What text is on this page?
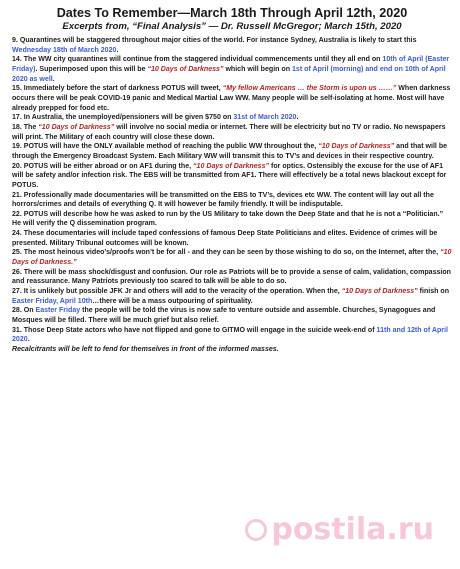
Dates To Remember—March 18th Through April 12th, 2020
Excerpts from, “Final Analysis” — Dr. Russell McGregor; March 15th, 2020

9. Quarantines will be staggered throughout major cities of the world. For instance Sydney, Australia is likely to start this Wednesday 18th of March 2020.

14. The WW city quarantines will continue from the staggered individual commencements until they all end on 10th of April (Easter Friday). Superimposed upon this will be “10 Days of Darkness” which will begin on 1st of April (morning) and end on 10th of April 2020 as well.

15. Immediately before the start of darkness POTUS will tweet, “My fellow Americans … the Storm is upon us ……” When darkness occurs there will be peak COVID-19 panic and Medical Martial Law WW. Many people will be self-isolating at home. Most will have already prepped for food etc.

17. In Australia, the unemployed/pensioners will be given $750 on 31st of March 2020.

18. The “10 Days of Darkness” will involve no social media or internet. There will be electricity but no TV or radio. No newspapers will print. The Military of each country will close these down.

19. POTUS will have the ONLY available method of reaching the public WW throughout the, “10 Days of Darkness” and that will be through the Emergency Broadcast System. Each Military WW will transmit this to TV’s and devices in their respective country.

20. POTUS will be either abroad or on AF1 during the, “10 Days of Darkness” for optics. Ostensibly the excuse for the use of AF1 will be safety and/or infection risk. The EBS will be transmitted from AF1. There will effectively be a total news blackout except for POTUS.

21. Professionally made documentaries will be transmitted on the EBS to TV’s, devices etc WW. The content will lay out all the horrors/crimes and details of everything Q. It will however be family friendly. It will be indisputable.

22. POTUS will describe how he was asked to run by the US Military to take down the Deep State and that he is not a “Politician.” He will verify the Q dissemination program.

24. These documentaries will include taped confessions of famous Deep State Politicians and elites. Evidence of crimes will be presented. Military Tribunal outcomes will be known.

25. The most heinous video’s/proofs won’t be for all - and they can be seen by those wishing to do so, on the Internet, after the, “10 Days of Darkness.”

26. There will be mass shock/disgust and confusion. Our role as Patriots will be to provide a sense of calm, validation, compassion and reassurance. Many Patriots previously too scared to talk will be able to do so.

27. It is unlikely but possible JFK Jr and others will add to the veracity of the operation. When the, “10 Days of Darkness” finish on Easter Friday, April 10th…there will be a mass outpouring of spirituality.

28. On Easter Friday the people will be told the virus is now safe to venture outside and assemble. Churches, Synagogues and Mosques will be filled. There will be much grief but also relief.

31. Those Deep State actors who have not flipped and gone to GITMO will engage in the suicide week-end of 11th and 12th of April 2020.

Recalcitrants will be left to fend for themselves in front of the informed masses.

postila.ru
